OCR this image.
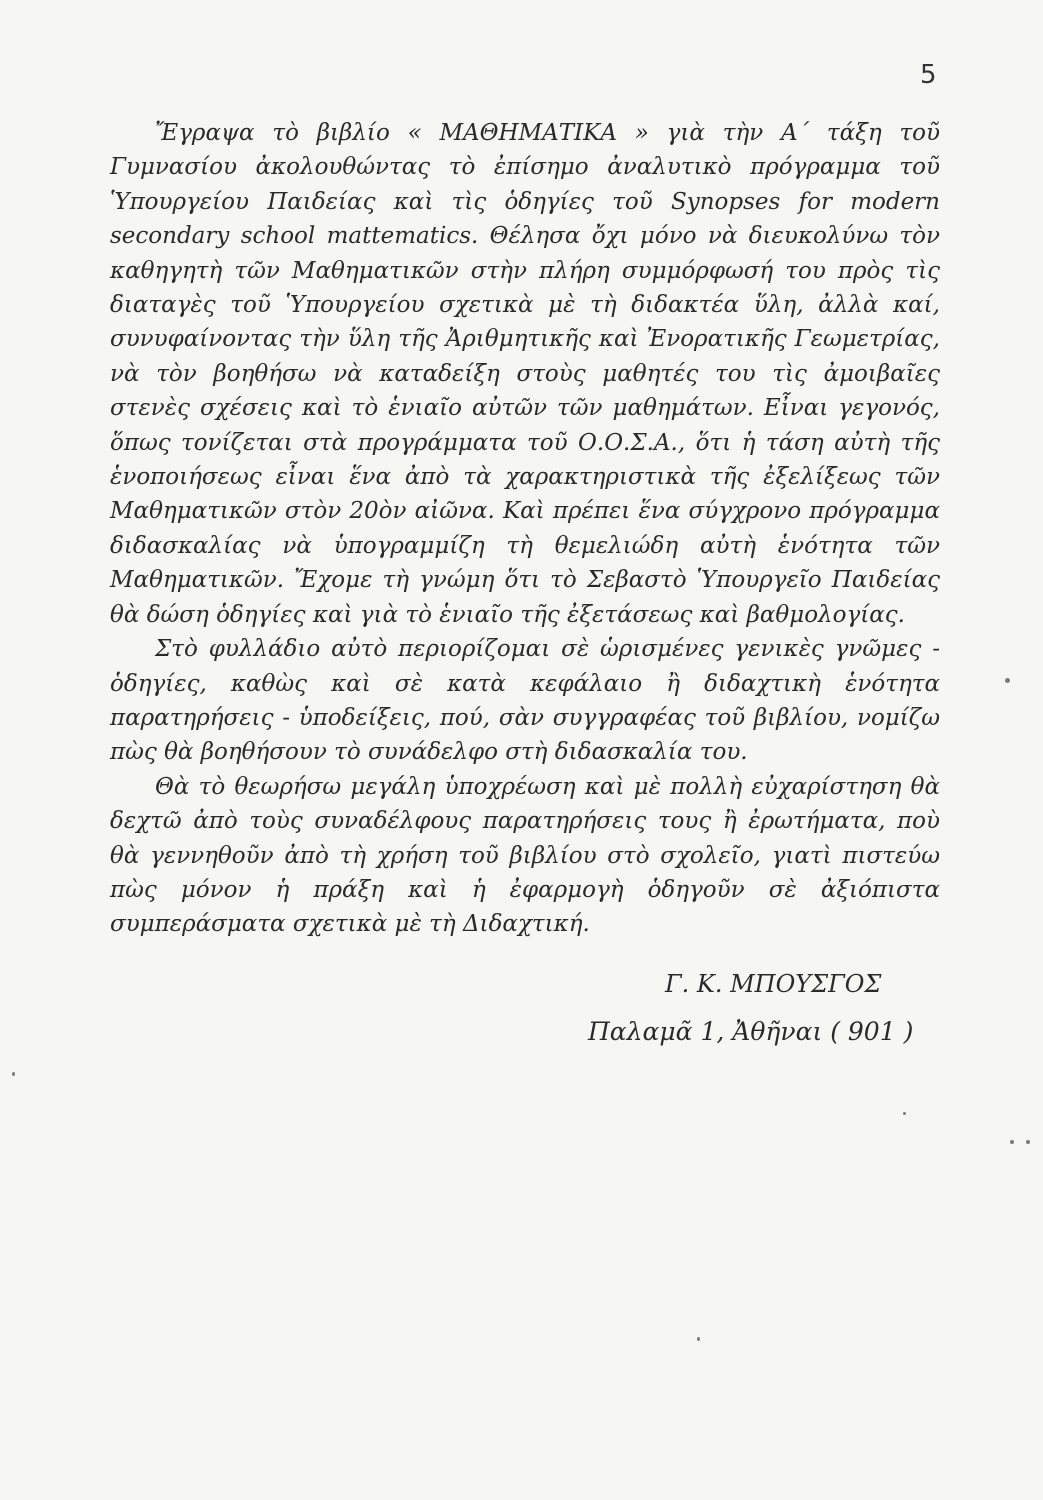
5

Ἔγραψα τὸ βιβλίο « ΜΑΘΗΜΑΤΙΚΑ » γιὰ τὴν Α΄ τάξη τοῦ Γυμνασίου ἀκολουθώντας τὸ ἐπίσημο ἀναλυτικὸ πρόγραμμα τοῦ Ὑπουργείου Παιδείας καὶ τὶς ὁδηγίες τοῦ Synopses for modern secondary school mattematics. Θέλησα ὄχι μόνο νὰ διευκολύνω τὸν καθηγητὴ τῶν Μαθηματικῶν στὴν πλήρη συμμόρφωσή του πρὸς τὶς διαταγὲς τοῦ Ὑπουργείου σχετικὰ μὲ τὴ διδακτέα ὕλη, ἀλλὰ καί, συνυφαίνοντας τὴν ὕλη τῆς Ἀριθμητικῆς καὶ Ἐνορατικῆς Γεωμετρίας, νὰ τὸν βοηθήσω νὰ καταδείξη στοὺς μαθητές του τὶς ἀμοιβαῖες στενὲς σχέσεις καὶ τὸ ἑνιαῖο αὐτῶν τῶν μαθημάτων. Εἶναι γεγονός, ὅπως τονίζεται στὰ προγράμματα τοῦ Ο.Ο.Σ.Α., ὅτι ἡ τάση αὐτὴ τῆς ἑνοποιήσεως εἶναι ἕνα ἀπὸ τὰ χαρακτηριστικὰ τῆς ἐξελίξεως τῶν Μαθηματικῶν στὸν 20ὸν αἰῶνα. Καὶ πρέπει ἕνα σύγχρονο πρόγραμμα διδασκαλίας νὰ ὑπογραμμίζη τὴ θεμελιώδη αὐτὴ ἑνότητα τῶν Μαθηματικῶν. Ἔχομε τὴ γνώμη ὅτι τὸ Σεβαστὸ Ὑπουργεῖο Παιδείας θὰ δώση ὁδηγίες καὶ γιὰ τὸ ἑνιαῖο τῆς ἐξετάσεως καὶ βαθμολογίας.

Στὸ φυλλάδιο αὐτὸ περιορίζομαι σὲ ὡρισμένες γενικὲς γνῶμες - ὁδηγίες, καθὼς καὶ σὲ κατὰ κεφάλαιο ἢ διδαχτικὴ ἑνότητα παρατηρήσεις - ὑποδείξεις, πού, σὰν συγγραφέας τοῦ βιβλίου, νομίζω πὼς θὰ βοηθήσουν τὸ συνάδελφο στὴ διδασκαλία του.

Θὰ τὸ θεωρήσω μεγάλη ὑποχρέωση καὶ μὲ πολλὴ εὐχαρίστηση θὰ δεχτῶ ἀπὸ τοὺς συναδέλφους παρατηρήσεις τους ἢ ἐρωτήματα, ποὺ θὰ γεννηθοῦν ἀπὸ τὴ χρήση τοῦ βιβλίου στὸ σχολεῖο, γιατὶ πιστεύω πὼς μόνον ἡ πράξη καὶ ἡ ἐφαρμογὴ ὁδηγοῦν σὲ ἀξιόπιστα συμπεράσματα σχετικὰ μὲ τὴ Διδαχτική.

Γ. Κ. ΜΠΟΥΣΓΟΣ
Παλαμᾶ 1, Ἀθῆναι ( 901 )
